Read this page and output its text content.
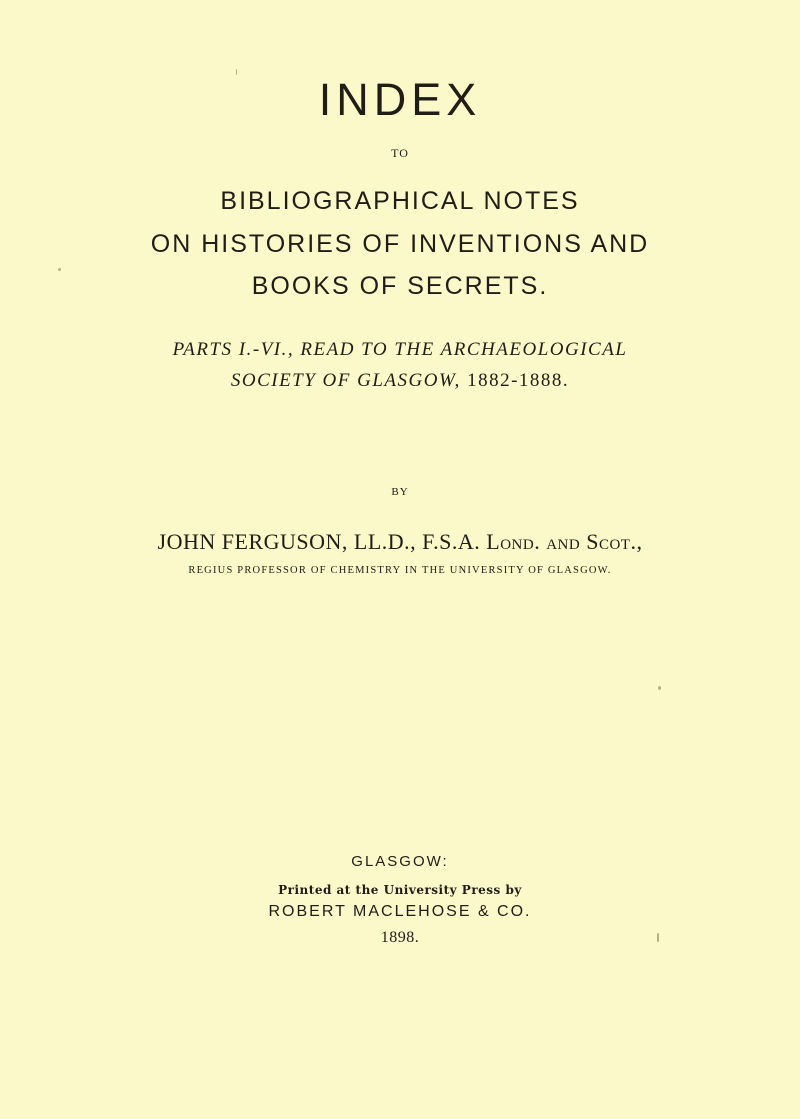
INDEX
TO
BIBLIOGRAPHICAL NOTES
ON HISTORIES OF INVENTIONS AND
BOOKS OF SECRETS.
PARTS I.-VI., READ TO THE ARCHAEOLOGICAL
SOCIETY OF GLASGOW, 1882-1888.
BY
JOHN FERGUSON, LL.D., F.S.A. Lond. and Scot.,
REGIUS PROFESSOR OF CHEMISTRY IN THE UNIVERSITY OF GLASGOW.
GLASGOW:
Printed at the University Press by
ROBERT MACLEHOSE & CO.
1898.
